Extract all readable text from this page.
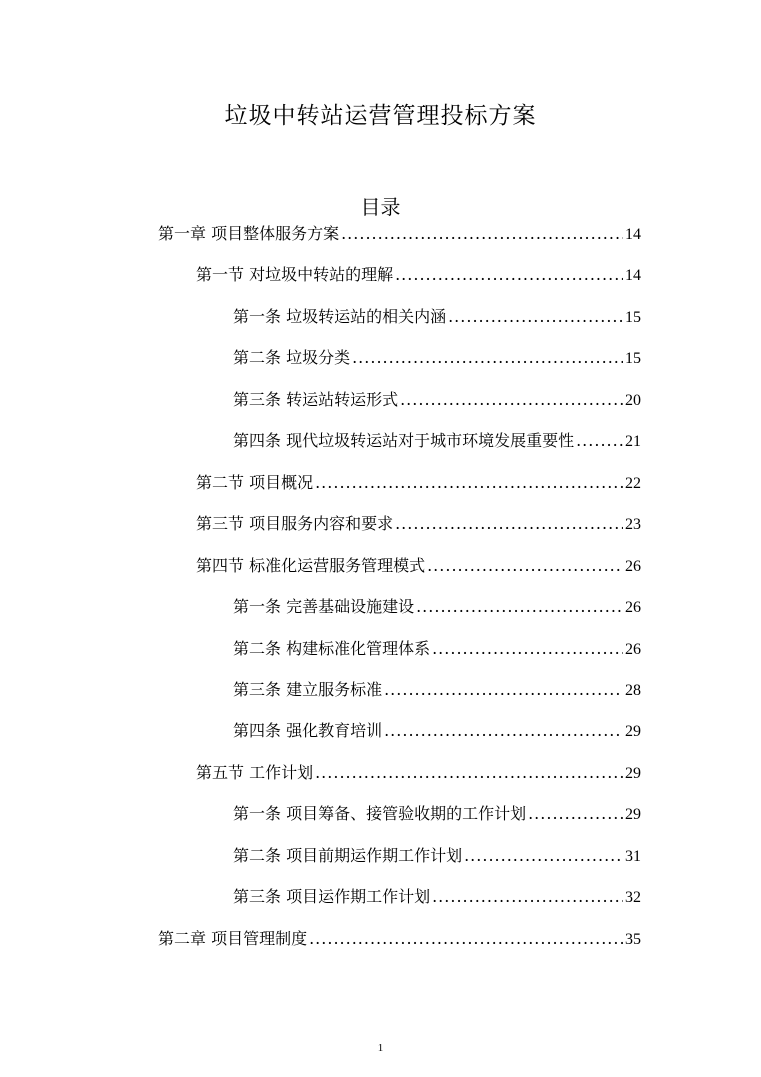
垃圾中转站运营管理投标方案
目录
第一章 项目整体服务方案 .....	14
第一节 对垃圾中转站的理解 .....	14
第一条 垃圾转运站的相关内涵 .....	15
第二条 垃圾分类 .....	15
第三条 转运站转运形式 .....	20
第四条 现代垃圾转运站对于城市环境发展重要性 .....	21
第二节 项目概况 .....	22
第三节 项目服务内容和要求 .....	23
第四节 标准化运营服务管理模式 .....	26
第一条 完善基础设施建设 .....	26
第二条 构建标准化管理体系 .....	26
第三条 建立服务标准 .....	28
第四条 强化教育培训 .....	29
第五节 工作计划 .....	29
第一条 项目筹备、接管验收期的工作计划 .....	29
第二条 项目前期运作期工作计划 .....	31
第三条 项目运作期工作计划 .....	32
第二章 项目管理制度 .....	35
1
